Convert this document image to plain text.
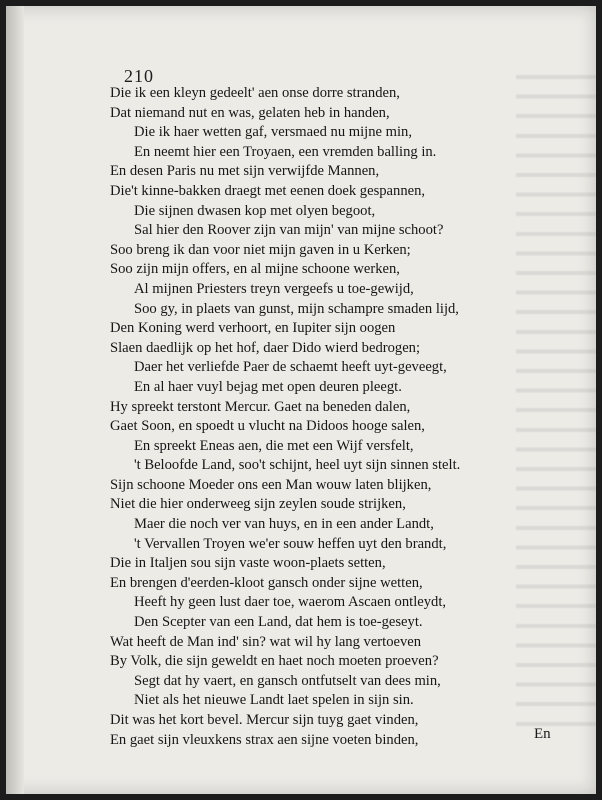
210

Die ik een kleyn gedeelt' aen onse dorre stranden,
Dat niemand nut en was, gelaten heb in handen,
Die ik haer wetten gaf, versmaed nu mijne min,
En neemt hier een Troyaen, een vremden balling in.
En desen Paris nu met sijn verwijfde Mannen,
Die't kinne-bakken draegt met eenen doek gespannen,
Die sijnen dwasen kop met olyen begoot,
Sal hier den Roover zijn van mijn' van mijne schoot?
Soo breng ik dan voor niet mijn gaven in u Kerken;
Soo zijn mijn offers, en al mijne schoone werken,
Al mijnen Priesters treyn vergeefs u toe-gewijd,
Soo gy, in plaets van gunst, mijn schampre smaden lijd,
Den Koning werd verhoort, en Iupiter sijn oogen
Slaen daedlijk op het hof, daer Dido wierd bedrogen;
Daer het verliefde Paer de schaemt heeft uyt-geveegt,
En al haer vuyl bejag met open deuren pleegt.
Hy spreekt terstont Mercur. Gaet na beneden dalen,
Gaet Soon, en spoedt u vlucht na Didoos hooge salen,
En spreekt Eneas aen, die met een Wijf versfelt,
't Beloofde Land, soo't schijnt, heel uyt sijn sinnen stelt.
Sijn schoone Moeder ons een Man wouw laten blijken,
Niet die hier onderweeg sijn zeylen soude strijken,
Maer die noch ver van huys, en in een ander Landt,
't Vervallen Troyen we'er souw heffen uyt den brandt,
Die in Italjen sou sijn vaste woon-plaets setten,
En brengen d'eerden-kloot gansch onder sijne wetten,
Heeft hy geen lust daer toe, waerom Ascaen ontleydt,
Den Scepter van een Land, dat hem is toe-geseyt.
Wat heeft de Man ind' sin? wat wil hy lang vertoeven
By Volk, die sijn geweldt en haet noch moeten proeven?
Segt dat hy vaert, en gansch ontfutselt van dees min,
Niet als het nieuwe Landt laet spelen in sijn sin.
Dit was het kort bevel. Mercur sijn tuyg gaet vinden,
En gaet sijn vleuxkens strax aen sijne voeten binden,	En
